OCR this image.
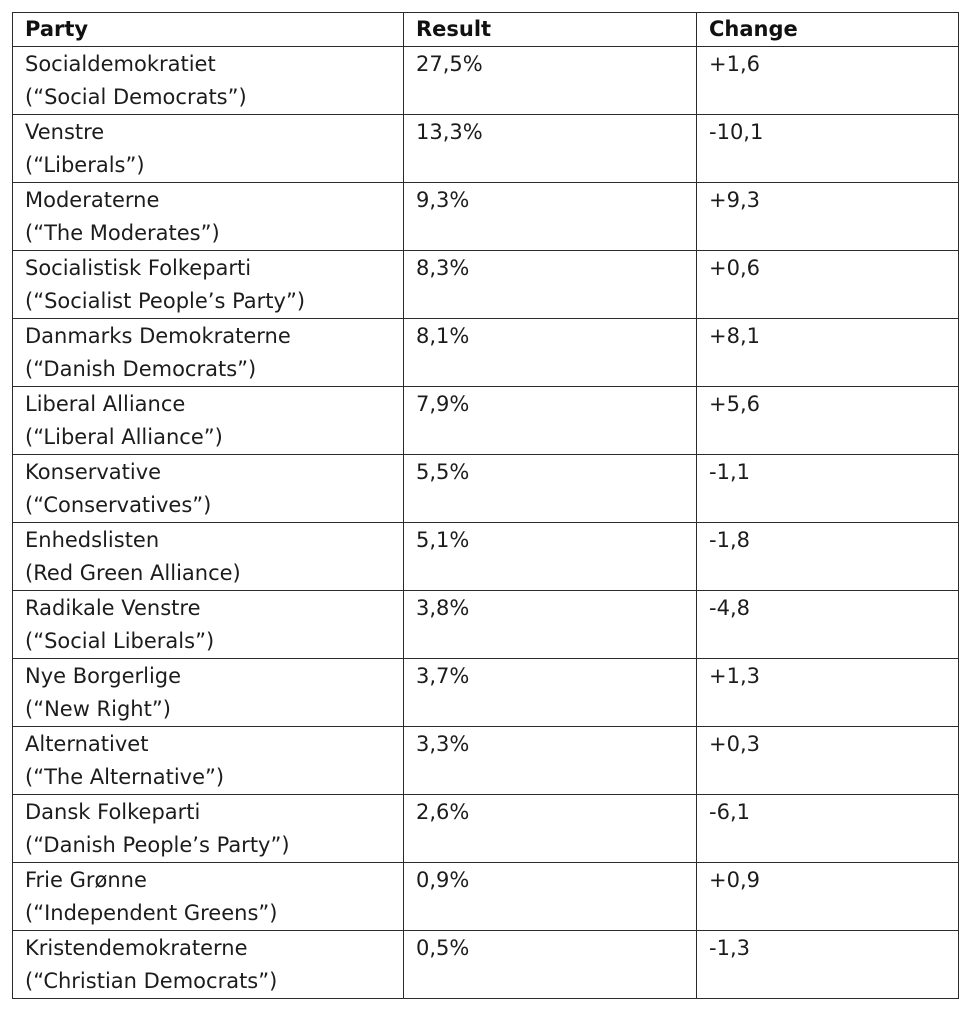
Party	Result	Change

Socialdemokratiet
(“Social Democrats”)	27,5%	+1,6

Venstre
(“Liberals”)	13,3%	-10,1

Moderaterne
(“The Moderates”)	9,3%	+9,3

Socialistisk Folkeparti
(“Socialist People’s Party”)	8,3%	+0,6

Danmarks Demokraterne
(“Danish Democrats”)	8,1%	+8,1

Liberal Alliance
(“Liberal Alliance”)	7,9%	+5,6

Konservative
(“Conservatives”)	5,5%	-1,1

Enhedslisten
(Red Green Alliance)	5,1%	-1,8

Radikale Venstre
(“Social Liberals”)	3,8%	-4,8

Nye Borgerlige
(“New Right”)	3,7%	+1,3

Alternativet
(“The Alternative”)	3,3%	+0,3

Dansk Folkeparti
(“Danish People’s Party”)	2,6%	-6,1

Frie Grønne
(“Independent Greens”)	0,9%	+0,9

Kristendemokraterne
(“Christian Democrats”)	0,5%	-1,3
